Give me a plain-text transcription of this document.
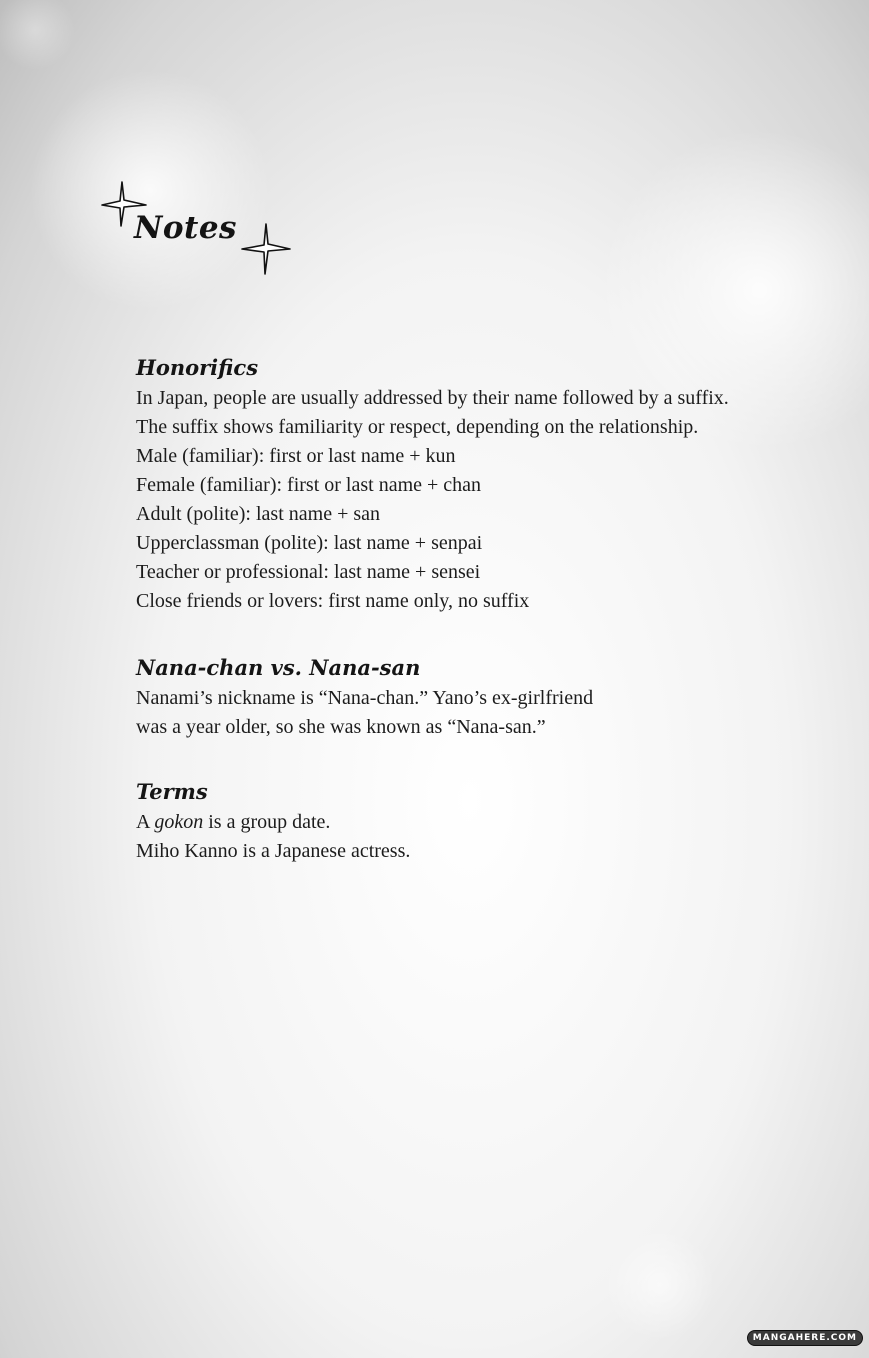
Notes
Honorifics

In Japan, people are usually addressed by their name followed by a suffix.

The suffix shows familiarity or respect, depending on the relationship.

Male (familiar): first or last name + kun

Female (familiar): first or last name + chan

Adult (polite): last name + san

Upperclassman (polite): last name + senpai

Teacher or professional: last name + sensei

Close friends or lovers: first name only, no suffix

Nana-chan vs. Nana-san

Nanami’s nickname is “Nana-chan.” Yano’s ex-girlfriend

was a year older, so she was known as “Nana-san.”

Terms

A gokon is a group date.

Miho Kanno is a Japanese actress.

MANGAHERE.COM
